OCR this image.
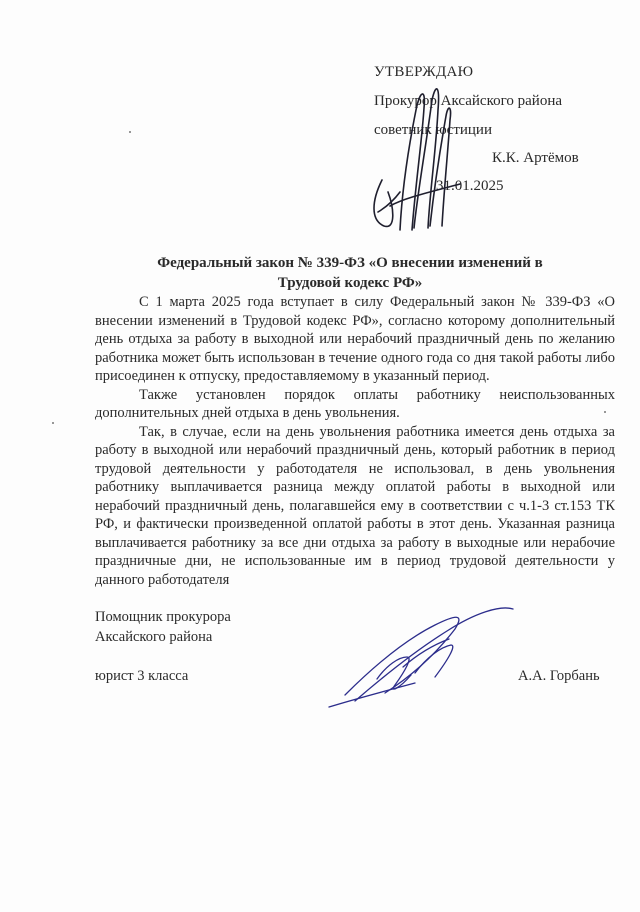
УТВЕРЖДАЮ
Прокурор Аксайского района
советник юстиции
К.К. Артёмов
31.01.2025
Федеральный закон № 339-ФЗ «О внесении изменений в
Трудовой кодекс РФ»

С 1 марта 2025 года вступает в силу Федеральный закон № 339-ФЗ «О внесении изменений в Трудовой кодекс РФ», согласно которому дополнительный день отдыха за работу в выходной или нерабочий праздничный день по желанию работника может быть использован в течение одного года со дня такой работы либо присоединен к отпуску, предоставляемому в указанный период.

Также установлен порядок оплаты работнику неиспользованных дополнительных дней отдыха в день увольнения.

Так, в случае, если на день увольнения работника имеется день отдыха за работу в выходной или нерабочий праздничный день, который работник в период трудовой деятельности у работодателя не использовал, в день увольнения работнику выплачивается разница между оплатой работы в выходной или нерабочий праздничный день, полагавшейся ему в соответствии с ч.1-3 ст.153 ТК РФ, и фактически произведенной оплатой работы в этот день. Указанная разница выплачивается работнику за все дни отдыха за работу в выходные или нерабочие праздничные дни, не использованные им в период трудовой деятельности у данного работодателя

Помощник прокурора
Аксайского района
юрист 3 класса	А.А. Горбань
